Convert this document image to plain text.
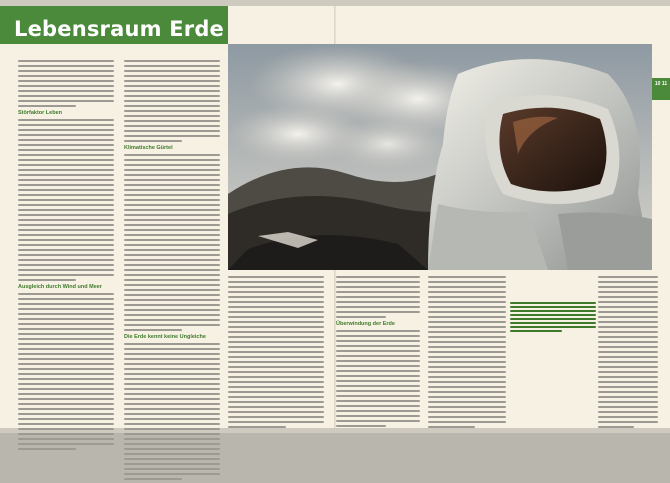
Lebensraum Erde
Störfaktor Leben
Ausgleich durch Wind und Meer
Klimatische Gürtel
Die Erde kennt keine Ungleiche
Überwindung der Erde
10 11
